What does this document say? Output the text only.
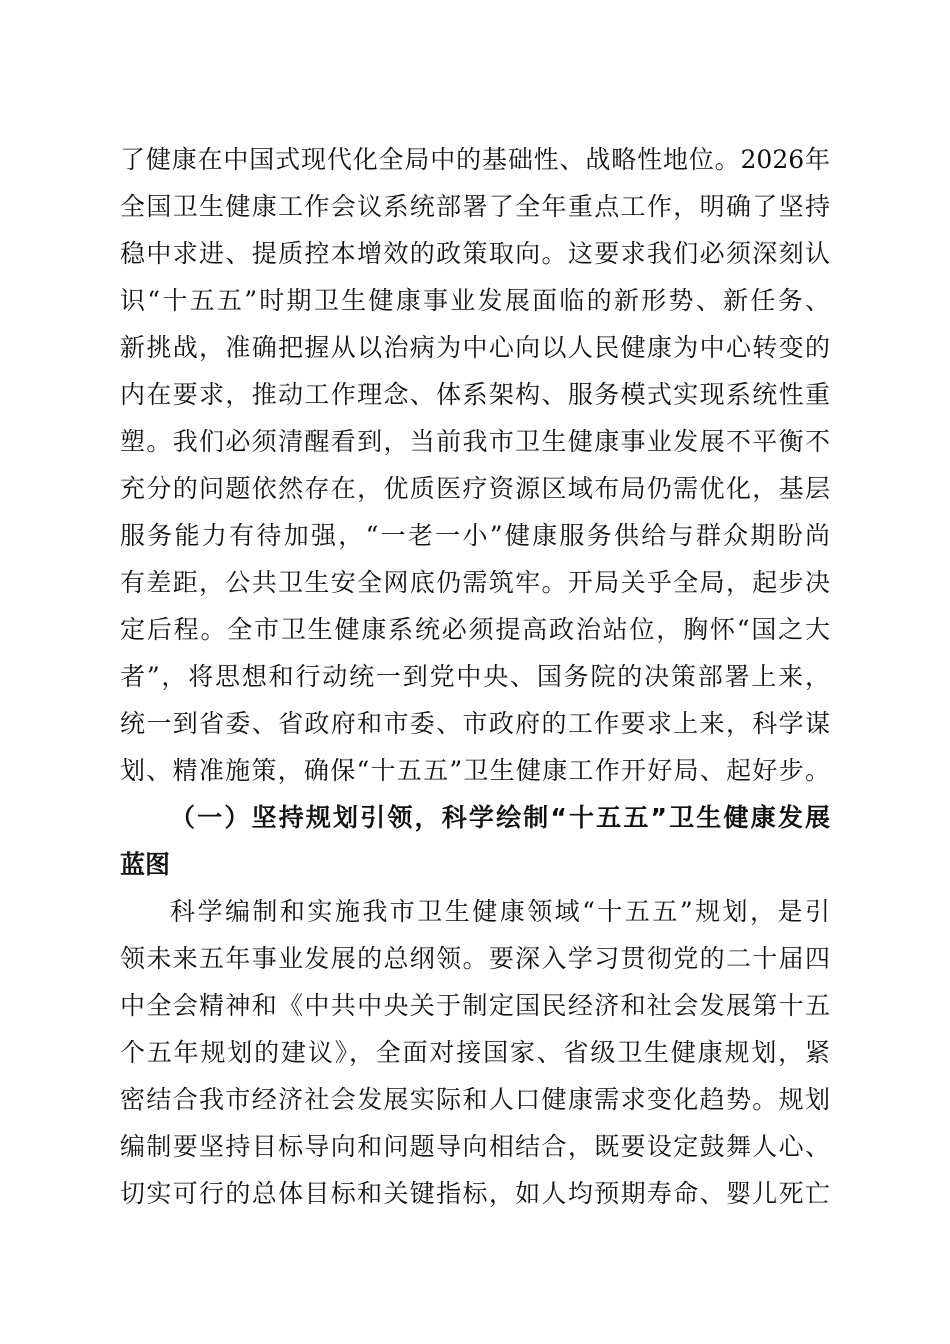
了健康在中国式现代化全局中的基础性、战略性地位。2026年
全国卫生健康工作会议系统部署了全年重点工作，明确了坚持
稳中求进、提质控本增效的政策取向。这要求我们必须深刻认
识“十五五”时期卫生健康事业发展面临的新形势、新任务、
新挑战，准确把握从以治病为中心向以人民健康为中心转变的
内在要求，推动工作理念、体系架构、服务模式实现系统性重
塑。我们必须清醒看到，当前我市卫生健康事业发展不平衡不
充分的问题依然存在，优质医疗资源区域布局仍需优化，基层
服务能力有待加强，“一老一小”健康服务供给与群众期盼尚
有差距，公共卫生安全网底仍需筑牢。开局关乎全局，起步决
定后程。全市卫生健康系统必须提高政治站位，胸怀“国之大
者”，将思想和行动统一到党中央、国务院的决策部署上来，
统一到省委、省政府和市委、市政府的工作要求上来，科学谋
划、精准施策，确保“十五五”卫生健康工作开好局、起好步。
（一）坚持规划引领，科学绘制“十五五”卫生健康发展
蓝图
科学编制和实施我市卫生健康领域“十五五”规划，是引
领未来五年事业发展的总纲领。要深入学习贯彻党的二十届四
中全会精神和《中共中央关于制定国民经济和社会发展第十五
个五年规划的建议》，全面对接国家、省级卫生健康规划，紧
密结合我市经济社会发展实际和人口健康需求变化趋势。规划
编制要坚持目标导向和问题导向相结合，既要设定鼓舞人心、
切实可行的总体目标和关键指标，如人均预期寿命、婴儿死亡
